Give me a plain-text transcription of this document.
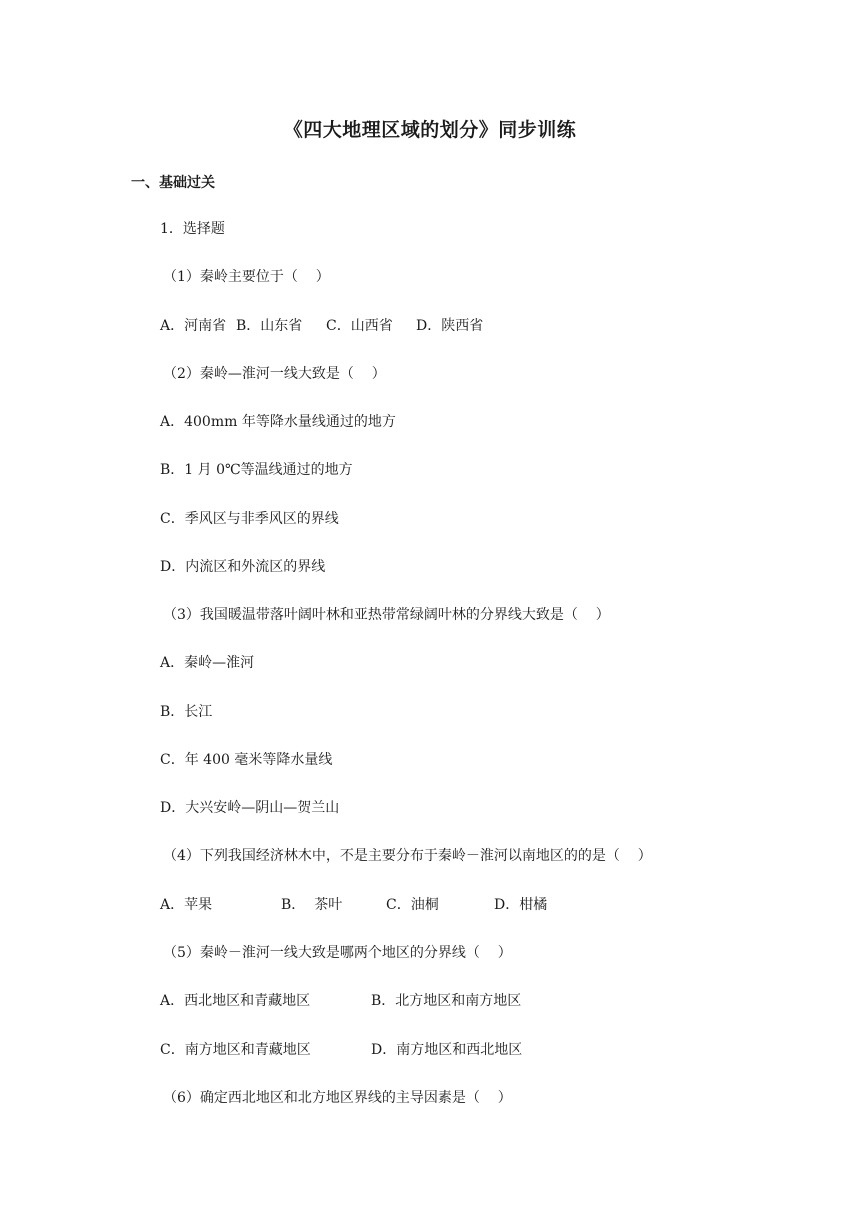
《四大地理区域的划分》同步训练
一、基础过关
1．选择题
（1）秦岭主要位于（    ）

A．河南省

B．山东省

C．山西省

D．陕西省

（2）秦岭—淮河一线大致是（    ）
A．400mm 年等降水量线通过的地方
B．1 月 0℃等温线通过的地方
C．季风区与非季风区的界线
D．内流区和外流区的界线
（3）我国暖温带落叶阔叶林和亚热带常绿阔叶林的分界线大致是（    ）
A．秦岭—淮河
B．长江
C．年 400 毫米等降水量线
D．大兴安岭—阴山—贺兰山
（4）下列我国经济林木中，不是主要分布于秦岭－淮河以南地区的的是（    ）

A．苹果

	B．  茶叶

	C．油桐

	D．柑橘

（5）秦岭－淮河一线大致是哪两个地区的分界线（    ）

A．西北地区和青藏地区

	B．北方地区和南方地区

C．南方地区和青藏地区

	D．南方地区和西北地区

（6）确定西北地区和北方地区界线的主导因素是（    ）
